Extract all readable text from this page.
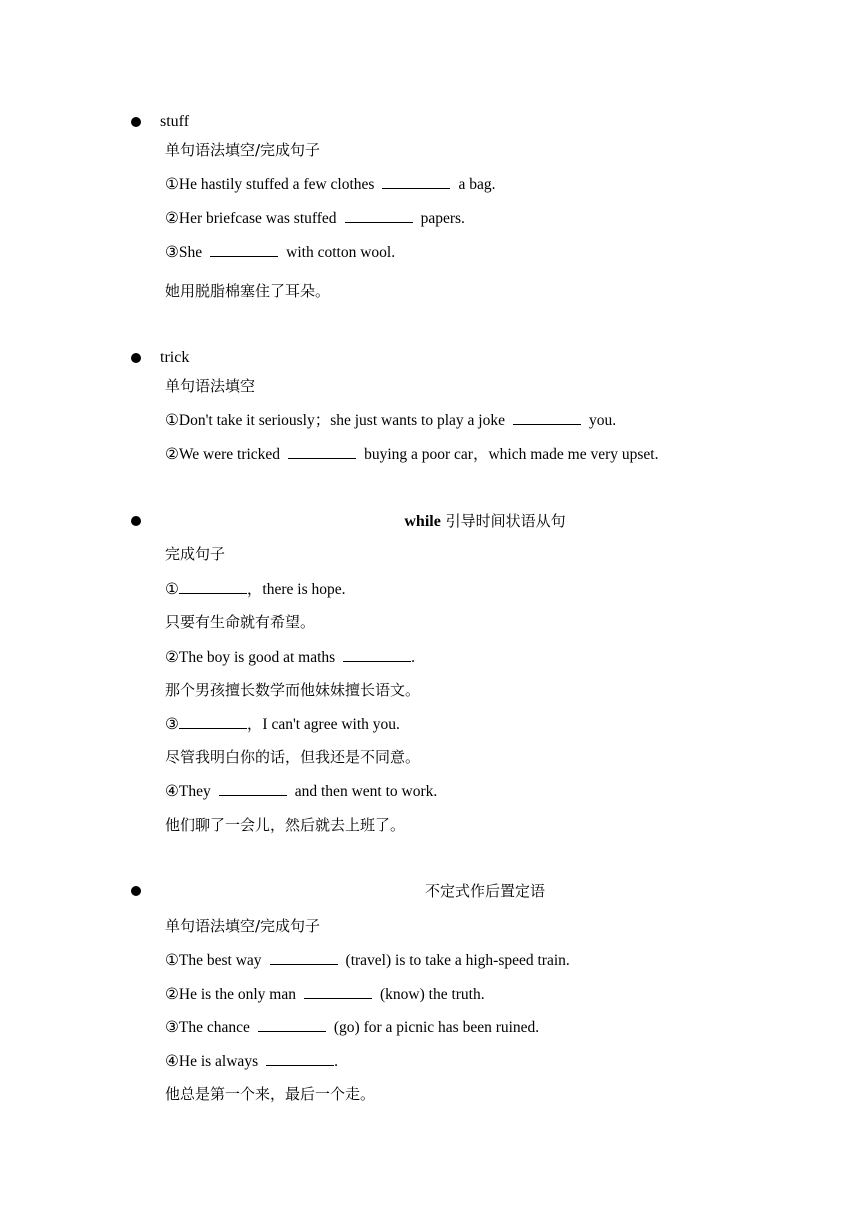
stuff
单句语法填空/完成句子
①He hastily stuffed a few clothes	a bag.
②Her briefcase was stuffed	papers.
③She	with cotton wool.
她用脱脂棉塞住了耳朵。
trick
单句语法填空
①Don't take it seriously；she just wants to play a joke	you.
②We were tricked	buying a poor car，which made me very upset.
while 引导时间状语从句
完成句子
①	，there is hope.
只要有生命就有希望。
②The boy is good at maths	.
那个男孩擅长数学而他妹妹擅长语文。
③	，I can't agree with you.
尽管我明白你的话，但我还是不同意。
④They	and then went to work.
他们聊了一会儿，然后就去上班了。
不定式作后置定语
单句语法填空/完成句子
①The best way	(travel) is to take a high-speed train.
②He is the only man	(know) the truth.
③The chance	(go) for a picnic has been ruined.
④He is always	.
他总是第一个来，最后一个走。
